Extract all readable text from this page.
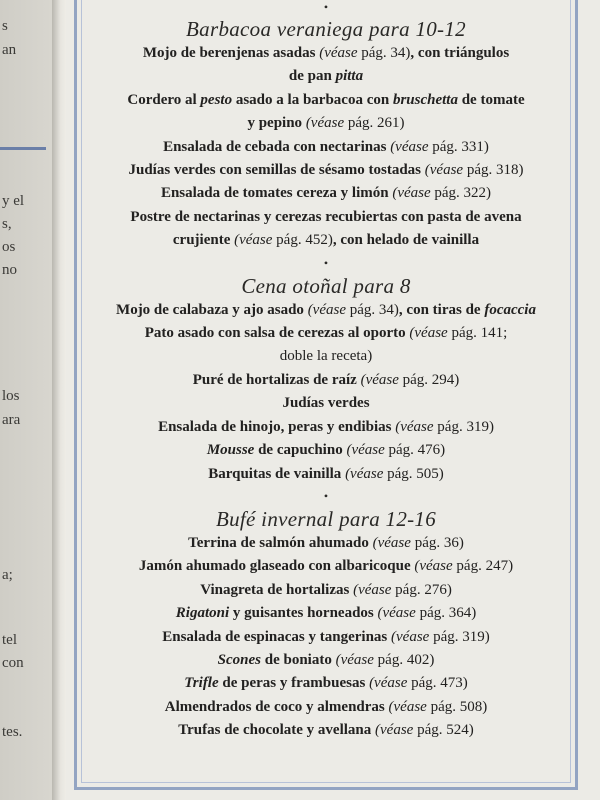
s
an
y el
s,
os
no
los
ara
a;
tel
con
tes.
•
Barbacoa veraniega para 10-12
Mojo de berenjenas asadas (véase pág. 34), con triángulos
de pan pitta
Cordero al pesto asado a la barbacoa con bruschetta de tomate
y pepino (véase pág. 261)
Ensalada de cebada con nectarinas (véase pág. 331)
Judías verdes con semillas de sésamo tostadas (véase pág. 318)
Ensalada de tomates cereza y limón (véase pág. 322)
Postre de nectarinas y cerezas recubiertas con pasta de avena
crujiente (véase pág. 452), con helado de vainilla
•
Cena otoñal para 8
Mojo de calabaza y ajo asado (véase pág. 34), con tiras de focaccia
Pato asado con salsa de cerezas al oporto (véase pág. 141;
doble la receta)
Puré de hortalizas de raíz (véase pág. 294)
Judías verdes
Ensalada de hinojo, peras y endibias (véase pág. 319)
Mousse de capuchino (véase pág. 476)
Barquitas de vainilla (véase pág. 505)
•
Bufé invernal para 12-16
Terrina de salmón ahumado (véase pág. 36)
Jamón ahumado glaseado con albaricoque (véase pág. 247)
Vinagreta de hortalizas (véase pág. 276)
Rigatoni y guisantes horneados (véase pág. 364)
Ensalada de espinacas y tangerinas (véase pág. 319)
Scones de boniato (véase pág. 402)
Trifle de peras y frambuesas (véase pág. 473)
Almendrados de coco y almendras (véase pág. 508)
Trufas de chocolate y avellana (véase pág. 524)
